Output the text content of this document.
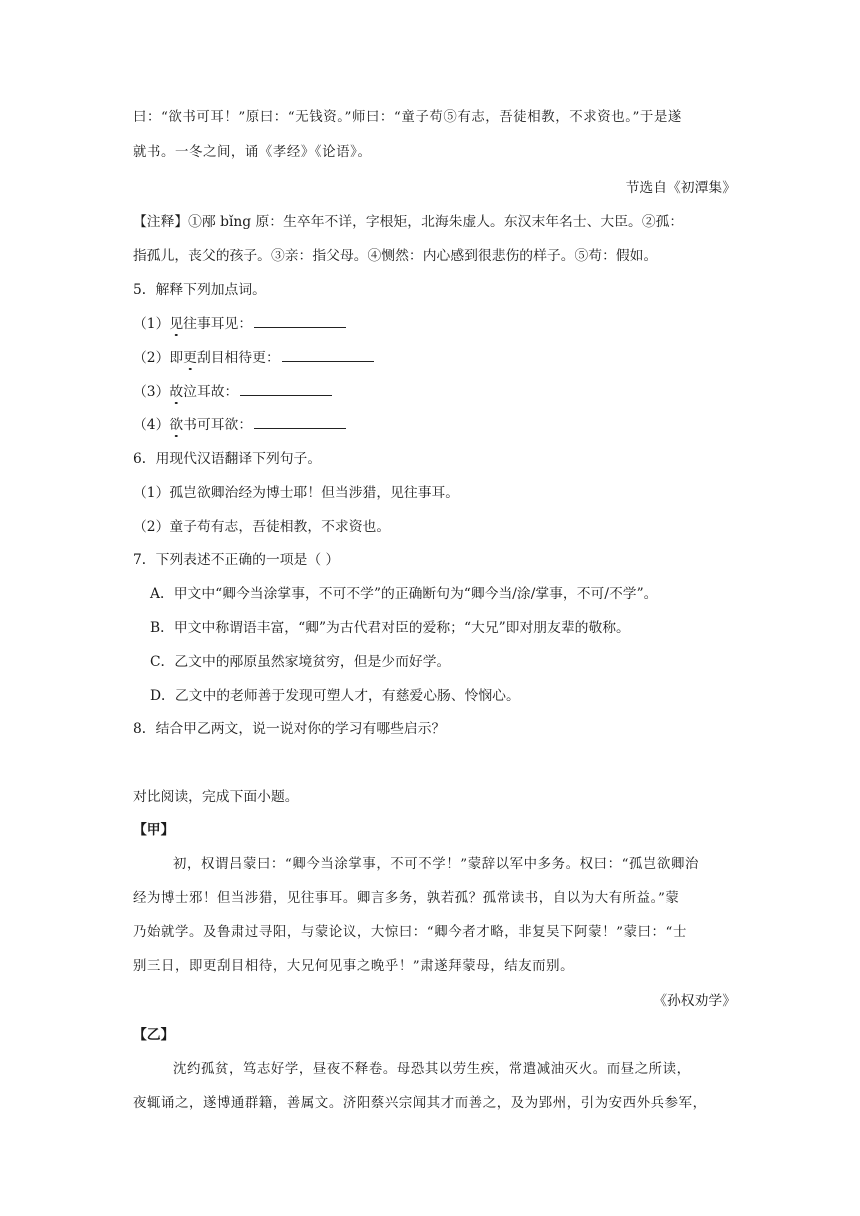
曰：“欲书可耳！”原曰：“无钱资。”师曰：“童子苟⑤有志，吾徒相教，不求资也。”于是遂
就书。一冬之间，诵《孝经》《论语》。
节选自《初潭集》
【注释】①邴 bǐng 原：生卒年不详，字根矩，北海朱虚人。东汉末年名士、大臣。②孤：
指孤儿，丧父的孩子。③亲：指父母。④恻然：内心感到很悲伤的样子。⑤苟：假如。
5．解释下列加点词。
（1）见往事耳见：
（2）即更刮目相待更：
（3）故泣耳故：
（4）欲书可耳欲：
6．用现代汉语翻译下列句子。
（1）孤岂欲卿治经为博士耶！但当涉猎，见往事耳。
（2）童子苟有志，吾徒相教，不求资也。
7．下列表述不正确的一项是（ ）
A．甲文中“卿今当涂掌事，不可不学”的正确断句为“卿今当/涂/掌事，不可/不学”。
B．甲文中称谓语丰富，“卿”为古代君对臣的爱称；“大兄”即对朋友辈的敬称。
C．乙文中的邴原虽然家境贫穷，但是少而好学。
D．乙文中的老师善于发现可塑人才，有慈爱心肠、怜悯心。
8．结合甲乙两文，说一说对你的学习有哪些启示？
对比阅读，完成下面小题。
【甲】
初，权谓吕蒙曰：“卿今当涂掌事，不可不学！”蒙辞以军中多务。权曰：“孤岂欲卿治
经为博士邪！但当涉猎，见往事耳。卿言多务，孰若孤？孤常读书，自以为大有所益。”蒙
乃始就学。及鲁肃过寻阳，与蒙论议，大惊曰：“卿今者才略，非复吴下阿蒙！”蒙曰：“士
别三日，即更刮目相待，大兄何见事之晚乎！”肃遂拜蒙母，结友而别。
《孙权劝学》
【乙】
沈约孤贫，笃志好学，昼夜不释卷。母恐其以劳生疾，常遣减油灭火。而昼之所读，
夜辄诵之，遂博通群籍，善属文。济阳蔡兴宗闻其才而善之，及为郢州，引为安西外兵参军，
